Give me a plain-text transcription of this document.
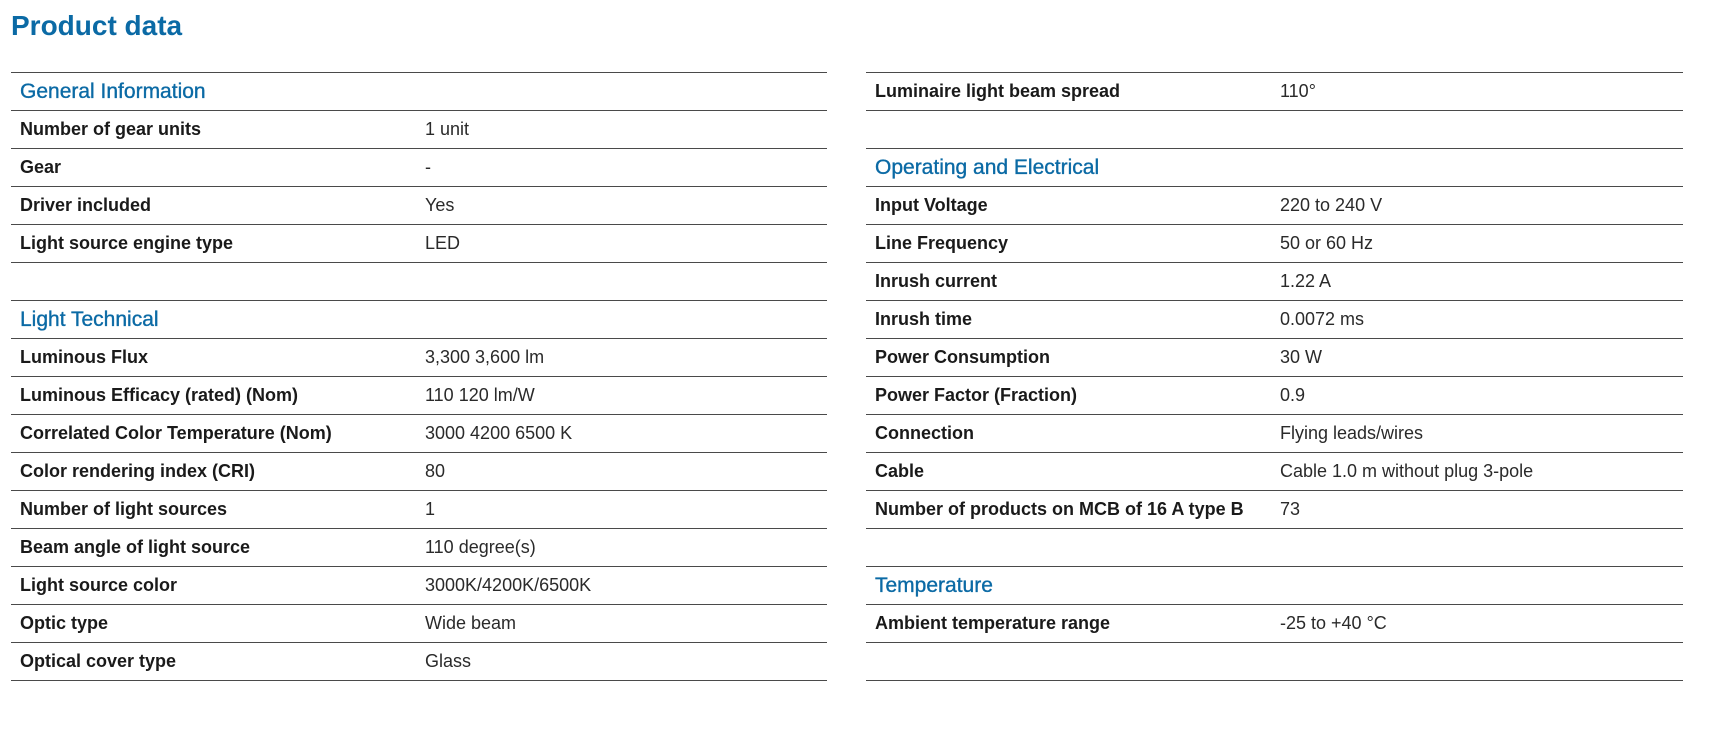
Product data
General Information
Number of gear units	1 unit
Gear	-
Driver included	Yes
Light source engine type	LED
Light Technical
Luminous Flux	3,300 3,600 lm
Luminous Efficacy (rated) (Nom)	110 120 lm/W
Correlated Color Temperature (Nom)	3000 4200 6500 K
Color rendering index (CRI)	80
Number of light sources	1
Beam angle of light source	110 degree(s)
Light source color	3000K/4200K/6500K
Optic type	Wide beam
Optical cover type	Glass
Luminaire light beam spread	110°
Operating and Electrical
Input Voltage	220 to 240 V
Line Frequency	50 or 60 Hz
Inrush current	1.22 A
Inrush time	0.0072 ms
Power Consumption	30 W
Power Factor (Fraction)	0.9
Connection	Flying leads/wires
Cable	Cable 1.0 m without plug 3-pole
Number of products on MCB of 16 A type B	73
Temperature
Ambient temperature range	-25 to +40 °C
